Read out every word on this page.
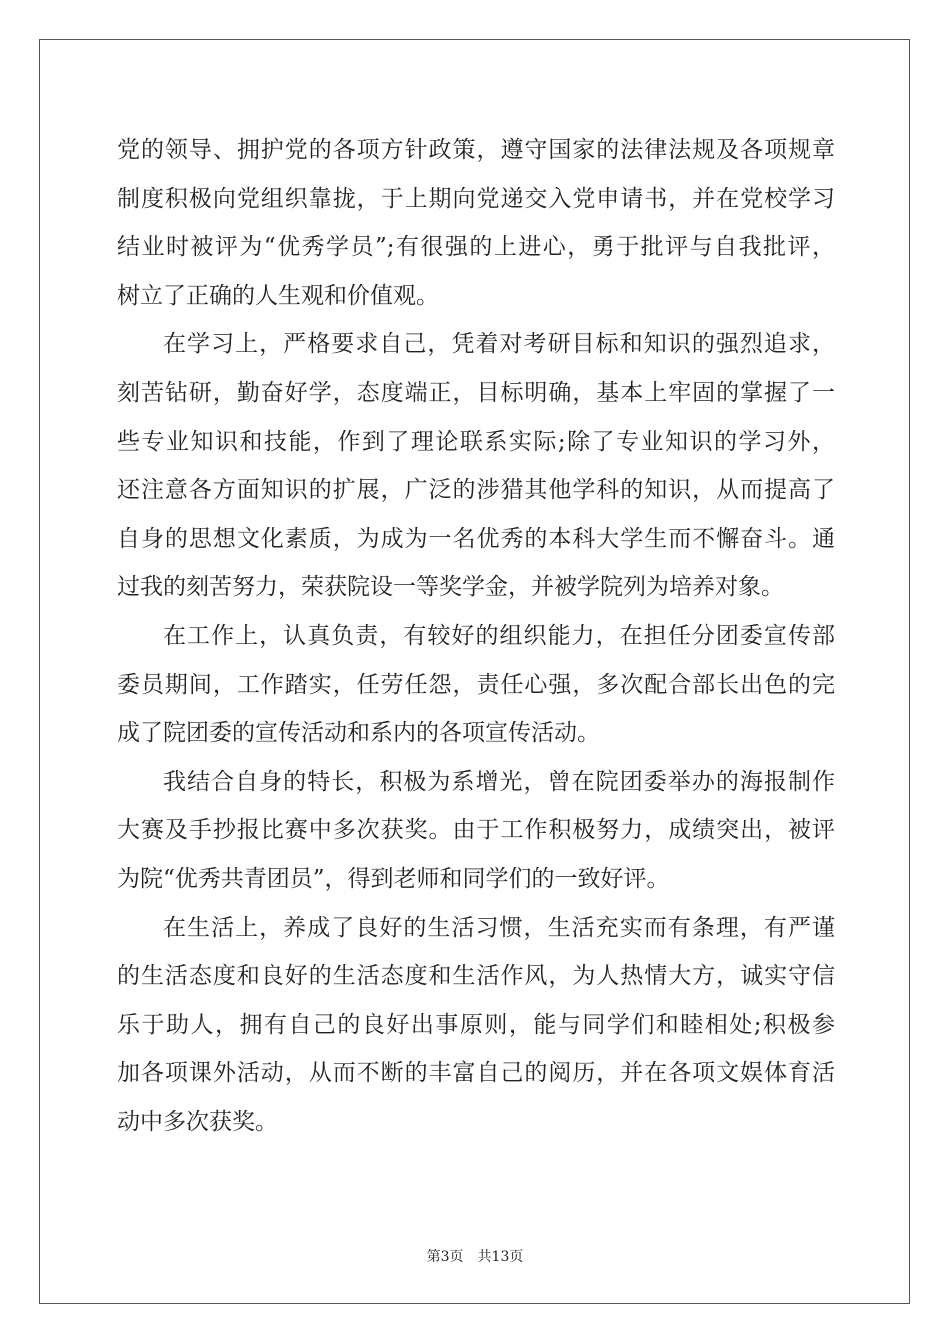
党的领导、拥护党的各项方针政策，遵守国家的法律法规及各项规章
制度积极向党组织靠拢，于上期向党递交入党申请书，并在党校学习
结业时被评为“优秀学员”;有很强的上进心，勇于批评与自我批评，
树立了正确的人生观和价值观。
在学习上，严格要求自己，凭着对考研目标和知识的强烈追求，
刻苦钻研，勤奋好学，态度端正，目标明确，基本上牢固的掌握了一
些专业知识和技能，作到了理论联系实际;除了专业知识的学习外，
还注意各方面知识的扩展，广泛的涉猎其他学科的知识，从而提高了
自身的思想文化素质，为成为一名优秀的本科大学生而不懈奋斗。通
过我的刻苦努力，荣获院设一等奖学金，并被学院列为培养对象。
在工作上，认真负责，有较好的组织能力，在担任分团委宣传部
委员期间，工作踏实，任劳任怨，责任心强，多次配合部长出色的完
成了院团委的宣传活动和系内的各项宣传活动。
我结合自身的特长，积极为系增光，曾在院团委举办的海报制作
大赛及手抄报比赛中多次获奖。由于工作积极努力，成绩突出，被评
为院“优秀共青团员”，得到老师和同学们的一致好评。
在生活上，养成了良好的生活习惯，生活充实而有条理，有严谨
的生活态度和良好的生活态度和生活作风，为人热情大方，诚实守信
乐于助人，拥有自己的良好出事原则，能与同学们和睦相处;积极参
加各项课外活动，从而不断的丰富自己的阅历，并在各项文娱体育活
动中多次获奖。
第3页 共13页
